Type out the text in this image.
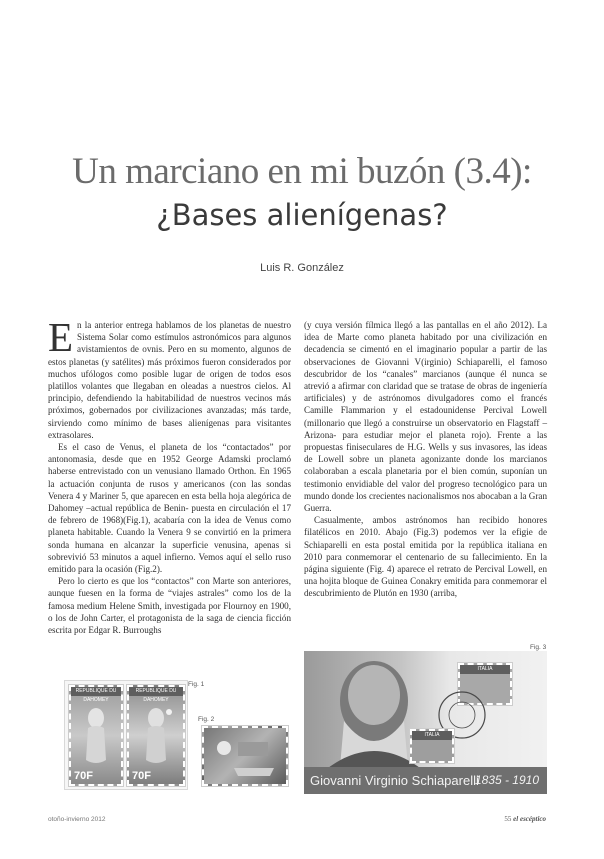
Un marciano en mi buzón (3.4):
¿Bases alienígenas?
Luis R. González

En la anterior entrega hablamos de los planetas de nuestro Sistema Solar como estímulos astronómicos para algunos avistamientos de ovnis. Pero en su momento, algunos de estos planetas (y satélites) más próximos fueron considerados por muchos ufólogos como posible lugar de origen de todos esos platillos volantes que llegaban en oleadas a nuestros cielos. Al principio, defendiendo la habitabilidad de nuestros vecinos más próximos, gobernados por civilizaciones avanzadas; más tarde, sirviendo como mínimo de bases alienígenas para visitantes extrasolares.

Es el caso de Venus, el planeta de los “contactados” por antonomasia, desde que en 1952 George Adamski proclamó haberse entrevistado con un venusiano llamado Orthon. En 1965 la actuación conjunta de rusos y americanos (con las sondas Venera 4 y Mariner 5, que aparecen en esta bella hoja alegórica de Dahomey –actual república de Benin- puesta en circulación el 17 de febrero de 1968)(Fig.1), acabaría con la idea de Venus como planeta habitable. Cuando la Venera 9 se convirtió en la primera sonda humana en alcanzar la superficie venusina, apenas si sobrevivió 53 minutos a aquel infierno. Vemos aquí el sello ruso emitido para la ocasión (Fig.2).

Pero lo cierto es que los “contactos” con Marte son anteriores, aunque fuesen en la forma de “viajes astrales” como los de la famosa medium Helene Smith, investigada por Flournoy en 1900, o los de John Carter, el protagonista de la saga de ciencia ficción escrita por Edgar R. Burroughs

(y cuya versión fílmica llegó a las pantallas en el año 2012). La idea de Marte como planeta habitado por una civilización en decadencia se cimentó en el imaginario popular a partir de las observaciones de Giovanni V(irginio) Schiaparelli, el famoso descubridor de los “canales” marcianos (aunque él nunca se atrevió a afirmar con claridad que se tratase de obras de ingeniería artificiales) y de astrónomos divulgadores como el francés Camille Flammarion y el estadounidense Percival Lowell (millonario que llegó a construirse un observatorio en Flagstaff –Arizona- para estudiar mejor el planeta rojo). Frente a las propuestas finiseculares de H.G. Wells y sus invasores, las ideas de Lowell sobre un planeta agonizante donde los marcianos colaboraban a escala planetaria por el bien común, suponían un testimonio envidiable del valor del progreso tecnológico para un mundo donde los crecientes nacionalismos nos abocaban a la Gran Guerra.

Casualmente, ambos astrónomos han recibido honores filatélicos en 2010. Abajo (Fig.3) podemos ver la efigie de Schiaparelli en esta postal emitida por la república italiana en 2010 para conmemorar el centenario de su fallecimiento. En la página siguiente (Fig. 4) aparece el retrato de Percival Lowell, en una hojita bloque de Guinea Conakry emitida para conmemorar el descubrimiento de Plutón en 1930 (arriba,

REPUBLIQUE DU DAHOMEY
70F
REPUBLIQUE DU DAHOMEY
70F
Fig. 1
Fig. 2
Fig. 3
ITALIA
ITALIA
Giovanni Virginio Schiaparelli
1835 - 1910
otoño-invierno 2012	55 el escéptico
